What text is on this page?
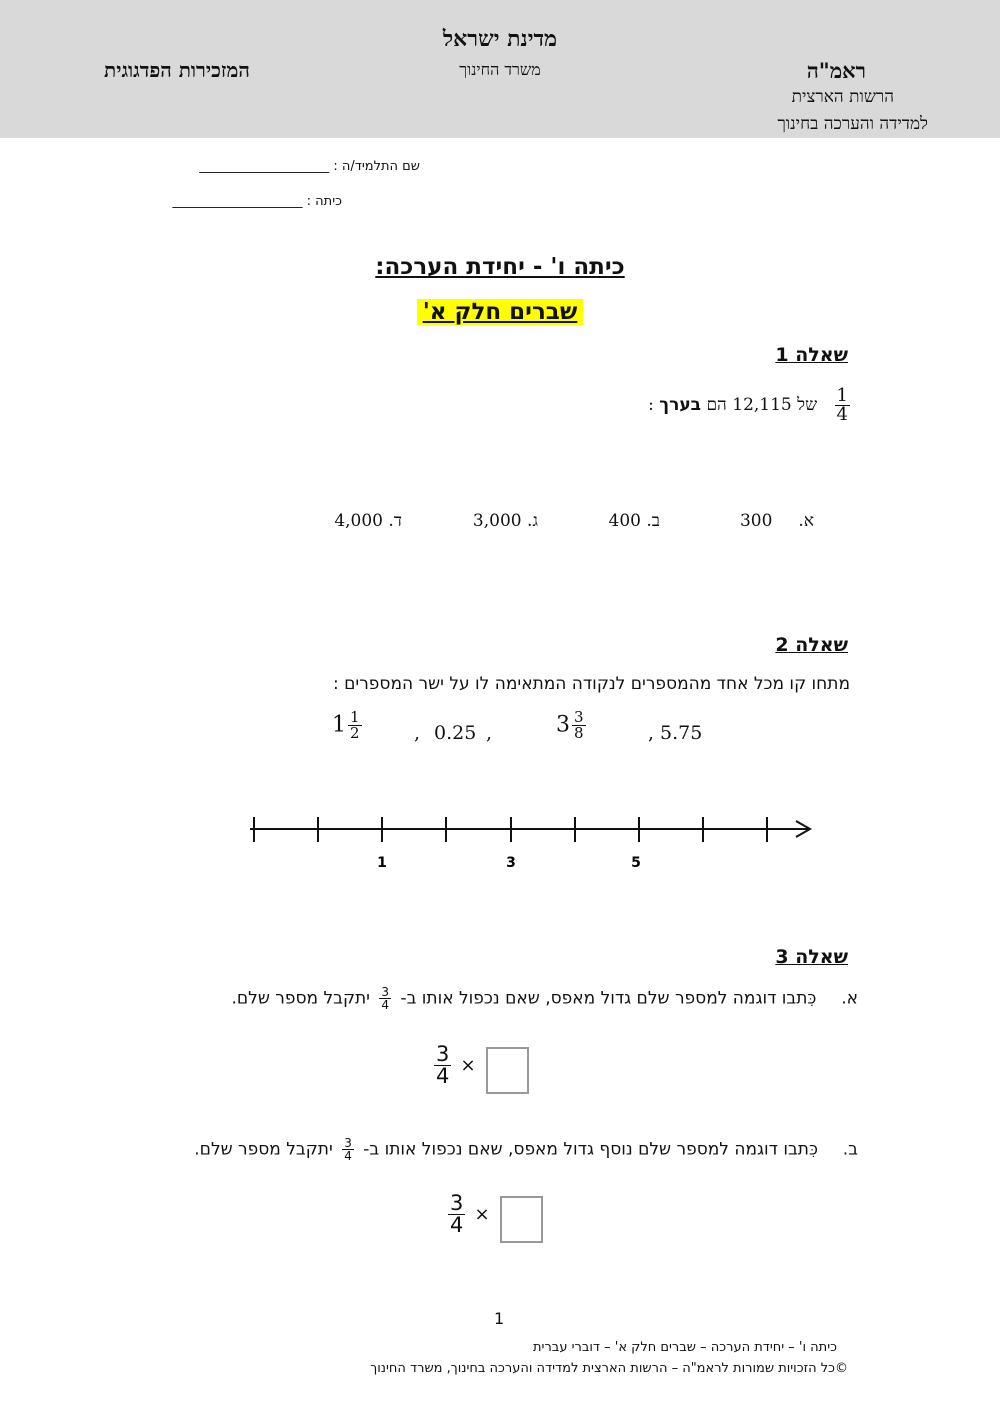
מדינת ישראל
משרד החינוך
המזכירות הפדגוגית	ראמ"ה
הרשות הארצית
למדידה והערכה בחינוך
שם התלמיד/ה : ____________________
כיתה : ____________________
כיתה ו' - יחידת הערכה:
שברים חלק א'
שאלה 1
$\frac{1}{4}$
של 12,115 הם בערך :
א.300
ב. 400
ג. 3,000
ד. 4,000
שאלה 2
מתחו קו מכל אחד מהמספרים לנקודה המתאימה לו על ישר המספרים :
$1 \frac{1}{2}$	, 0.25 ,	$3 \frac{3}{8}$	, 5.75
1	3	5
שאלה 3
א.  כִּתבו דוגמה למספר שלם גדול מאפס, שאם נכפול אותו ב-
$\frac{3}{4}$
יתקבל מספר שלם.
$\frac{3}{4}$ ×
ב.  כִּתבו דוגמה למספר שלם נוסף גדול מאפס, שאם נכפול אותו ב-
$\frac{3}{4}$
יתקבל מספר שלם.
$\frac{3}{4}$ ×
1
כיתה ו' – יחידת הערכה – שברים חלק א' – דוברי עברית
©כל הזכויות שמורות לראמ"ה – הרשות הארצית למדידה והערכה בחינוך, משרד החינוך
